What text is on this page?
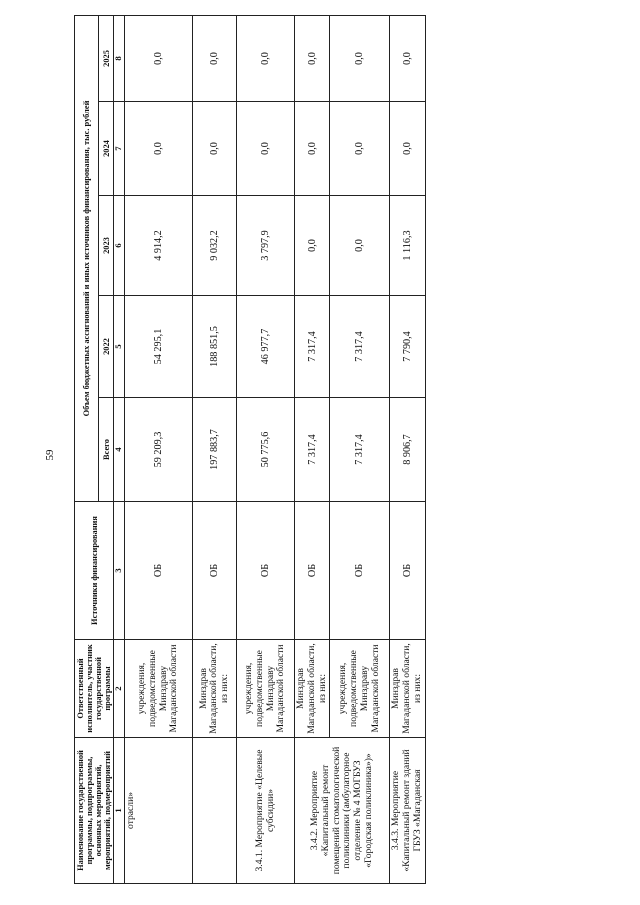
59
Наименование государственной программы, подпрограммы, основных мероприятий, мероприятий, подмероприятий	Ответственный исполнитель, участник государственной программы	Источники финансирования	Объем бюджетных ассигнований и иных источников финансирования, тыс. рублей				
			Всего	2022	2023	2024	2025
1	2	3	4	5	6	7	8
отрасли»	учреждения, подведомственные Минздраву Магаданской области	ОБ	59 209,3	54 295,1	4 914,2	0,0	0,0
	Минздрав Магаданской области, из них:	ОБ	197 883,7	188 851,5	9 032,2	0,0	0,0
3.4.1. Мероприятие «Целевые субсидии»	учреждения, подведомственные Минздраву Магаданской области	ОБ	50 775,6	46 977,7	3 797,9	0,0	0,0
3.4.2. Мероприятие «Капитальный ремонт помещений стоматологической поликлиники (амбулаторное отделение № 4 МОГБУЗ «Городская поликлиника»)»	Минздрав Магаданской области, из них:	ОБ	7 317,4	7 317,4	0,0	0,0	0,0
	учреждения, подведомственные Минздраву Магаданской области	ОБ	7 317,4	7 317,4	0,0	0,0	0,0
3.4.3. Мероприятие «Капитальный ремонт зданий ГБУЗ «Магаданская	Минздрав Магаданской области, из них:	ОБ	8 906,7	7 790,4	1 116,3	0,0	0,0
